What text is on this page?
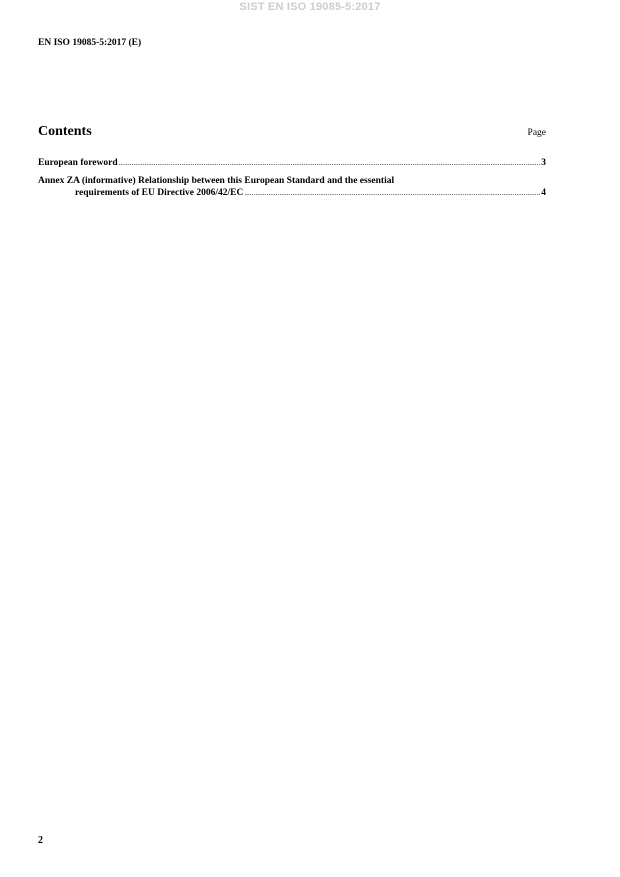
SIST EN ISO 19085-5:2017
EN ISO 19085-5:2017 (E)
Contents	Page
European foreword .....	3
Annex ZA (informative) Relationship between this European Standard and the essential
requirements of EU Directive 2006/42/EC .....	4
2
